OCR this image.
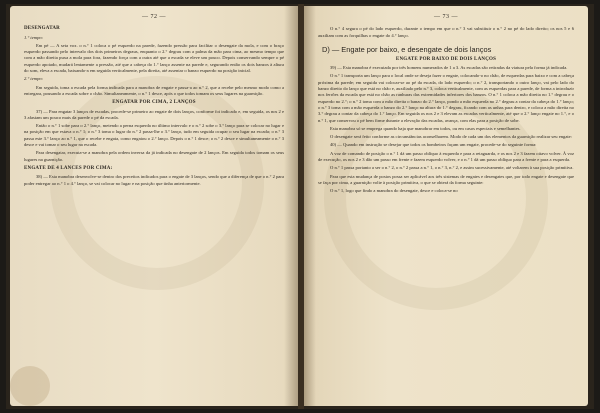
— 72 —
DESENGATAR
1.° tempo:

Em pé — A seta vox. o n.° 1 coloca o pé esquerdo na parede, fazendo pressão para facilitar o desengate da mola, e com o braço esquerdo passando pelo intervalo dos dois primeiros degraus, enquanto o 2.° degrau com a palma da mão para cima, ao mesmo tempo que com a mão direita puxa a mola para fora, fazendo força com a outra até que a escada se eleve um pouco. Depois conservando sempre o pé esquerdo apoiado, mudará lentamente a pressão, até que a cabeça do 1.° lanço assente na parede e, segurando então os dois banzos à altura do som, eleva a escada, baixando-a em seguida verticalmente, pela direita, até assentar o banzo esquerdo na posição inicial.

2.° tempo:

Em seguida, toma a escada pela forma indicada para a manobra de engate e passa-a ao n.° 2, que a recebe pelo mesmo modo como a entregara, pousando a escada sobre o chão. Simultaneamente, o n.° 1 desce, após o que todos tomam os seus lugares na guarnição.

ENGATAR POR CIMA, 2 LANÇOS

37) — Para engatar 3 lanços de escadas, procede-se primeiro ao engate de dois lanços, conforme foi indicado e, em seguida, os nos 2 e 3 afastam um pouco mais da parede o pé da escada.

Então o n.° 1 sobe para o 2.° lanço, metendo a perna esquerda no último intervalo e o n.° 2 sobe o 3.° lanço para se colocar no lugar e na posição em que estava o n.° 1; o n.° 3 toma o lugar do n.° 2 passa-lhe o 3.° lanço, tudo em seguida ocupar o seu lugar na escada; o n.° 3 passa este 3.° lanço ao n.° 1, que o recebe e engata, como engatou o 2.° lanço. Depois o n.° 1 desce; o n.° 2 desce e simultaneamente o n.° 3 desce e vai tomar o seu lugar na escada.

Para desengatar, executa-se a manobra pela ordem inversa da já indicada no desengate de 2 lanços. Em seguida todos tomam os seus lugares na guarnição.

ENGATE DE 4 LANCES POR CIMA:

38) — Esta manobra desenvolve-se dentro dos preceitos indicados para o engate de 3 lanços, sendo que a diferença de que o n.° 2 para poder entregar ao n.° 1 o 4.° lanço, se vai colocar no lugar e na posição que tinha anteriormente.

— 73 —

O n.° 4 segura o pé do lado esquerdo, durante o tempo em que o n.° 3 vai substituir o n.° 2 no pé do lado direito; os nos 5 e 6 auxiliam com as forquilhas o engate do 4.° lanço.

D) — Engate por baixo, e desengate de dois lanços
ENGATE POR BAIXO DE DOIS LANÇOS

39) — Esta manobra é executada por três homens numerados de 1 a 3. As escadas são retiradas da viatura pela forma já indicada.

O n.° 1 transporta um lanço para o local onde se deseja fazer o engate, colocando-o no chão, de esquerdas para baixo e com a cabeça próxima da parede; em seguida vai colocar-se ao pé da escada, do lado esquerdo; o n.° 2, transportando o outro lanço, vai pelo lado do banzo direito do lanço que está no chão e, auxiliado pelo n.° 3, coloca verticalmente, com as esquerdas para a parede, de forma a introduzir nos ferrões da escada que está no chão as ranhuras das extremidades inferiores dos banzos. O n.° 1 coloca a mão direita no 1.° degrau e o esquerdo no 2.°; o n.° 2 toma com a mão direita o banzo do 2.° lanço, pondo a mão esquerda no 2.° degrau a contar da cabeça do 1.° lanço; o n.° 3 toma com a mão esquerda o banzo do 2.° lanço na altura do 1.° degrau, ficando com as unhas para dentro, e coloca a mão direita no 3.° degrau a contar da cabeça do 1.° lanço. Em seguida os nos 2 e 3 elevam as escadas verticalmente, até que o 2.° lanço engate no 1.°, e o n.° 1, que conservou o pé bem firme durante a elevação das escadas, avança, com elas para a posição de sobe.

Esta manobra só se emprega quando haja que manobrar em todos, ou em casos especiais e semelhantes.

O desengate será feito conforme as circunstâncias aconselharem. Modo de cada um dos elementos da guarnição realizar seu engate:

40) — Quando em instrução se desejar que todos os bombeiros façam um engate, procede-se do seguinte forma:

A voz de comando de posição o n.° 1 dá um passo oblíquo à esquerda e para a retaguarda, e os nos 2 e 3 fazem oitavo volver. À voz de execução, os nos 2 e 3 dão um passo em frente e fazem esquerdo volver, e o n.° 1 dá um passo oblíquo para a frente e para a esquerda.

O n.° 1 passa portanto a ser o n.° 2, o n.° 2 passa a n.° 1, o n.° 3, n.° 2, e assim sucessivamente, até voltarem à sua posição primitiva.

Para que esta mudança de postos possa ser aplicável aos três sistemas de engates e desengates que, por todo engate e desengate que se faça por cima, a guarnição volte à posição primitiva, o que se obterá da forma seguinte:

O n.° 1, logo que findo a manobra do desengate, desce e coloca-se no
